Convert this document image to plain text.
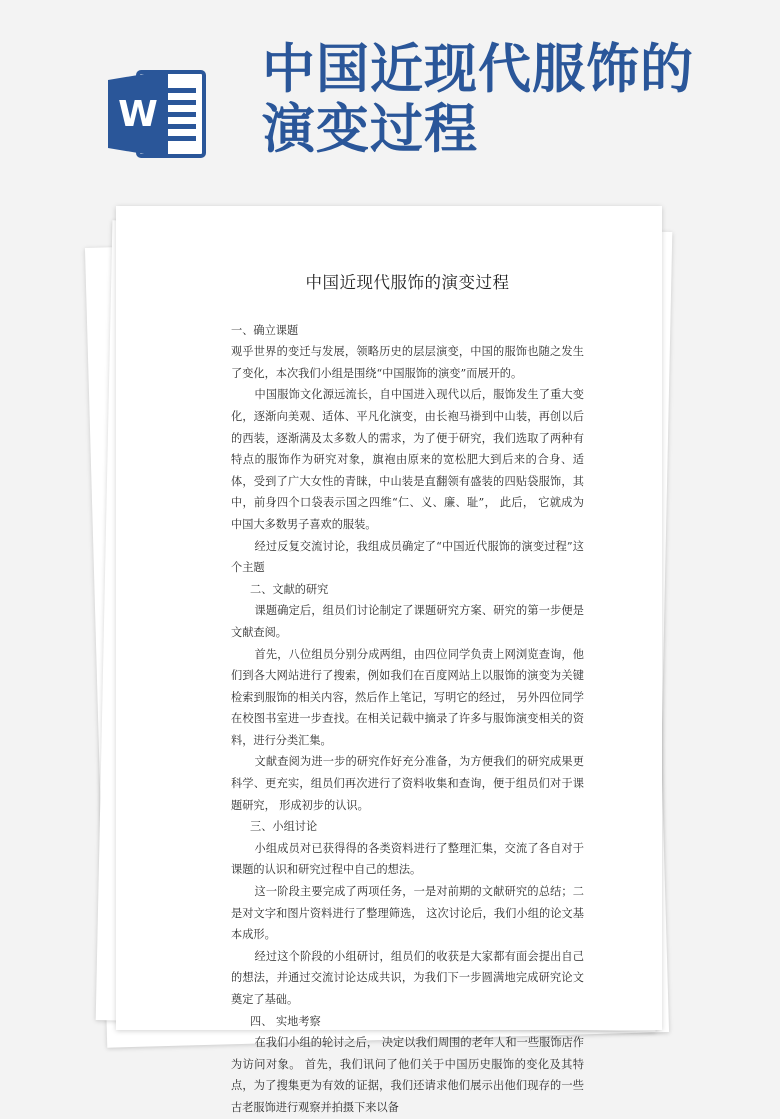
W
中国近现代服饰的
演变过程
中国近现代服饰的演变过程

一、确立课题

观乎世界的变迁与发展，领略历史的层层演变，中国的服饰也随之发生了变化，本次我们小组是围绕“中国服饰的演变”而展开的。

中国服饰文化源远流长，自中国进入现代以后，服饰发生了重大变化，逐渐向美观、适体、平凡化演变，由长袍马褂到中山装，再创以后的西装，逐渐满及太多数人的需求，为了便于研究，我们选取了两种有特点的服饰作为研究对象，旗袍由原来的宽松肥大到后来的合身、适体，受到了广大女性的青睐，中山装是直翻领有盛装的四贴袋服饰，其中，前身四个口袋表示国之四维“仁、义、廉、耻”， 此后， 它就成为中国大多数男子喜欢的服装。

经过反复交流讨论，我组成员确定了“中国近代服饰的演变过程”这个主题

二、文献的研究

课题确定后，组员们讨论制定了课题研究方案、研究的第一步便是文献查阅。

首先，八位组员分别分成两组，由四位同学负责上网浏览查询，他们到各大网站进行了搜索，例如我们在百度网站上以服饰的演变为关键检索到服饰的相关内容，然后作上笔记，写明它的经过， 另外四位同学在校图书室进一步查找。在相关记载中摘录了许多与服饰演变相关的资料，进行分类汇集。

文献查阅为进一步的研究作好充分准备，为方便我们的研究成果更科学、更充实，组员们再次进行了资料收集和查询，便于组员们对于课题研究， 形成初步的认识。

三、小组讨论

小组成员对已获得得的各类资料进行了整理汇集，交流了各自对于课题的认识和研究过程中自己的想法。

这一阶段主要完成了两项任务，一是对前期的文献研究的总结；二是对文字和图片资料进行了整理筛选， 这次讨论后，我们小组的论文基本成形。

经过这个阶段的小组研讨，组员们的收获是大家都有面会提出自己的想法，并通过交流讨论达成共识，为我们下一步圆满地完成研究论文奠定了基础。

四、 实地考察

在我们小组的轮讨之后， 决定以我们周围的老年人和一些服饰店作为访问对象。 首先，我们讯问了他们关于中国历史服饰的变化及其特点，为了搜集更为有效的证据，我们还请求他们展示出他们现存的一些古老服饰进行观察并拍摄下来以备
